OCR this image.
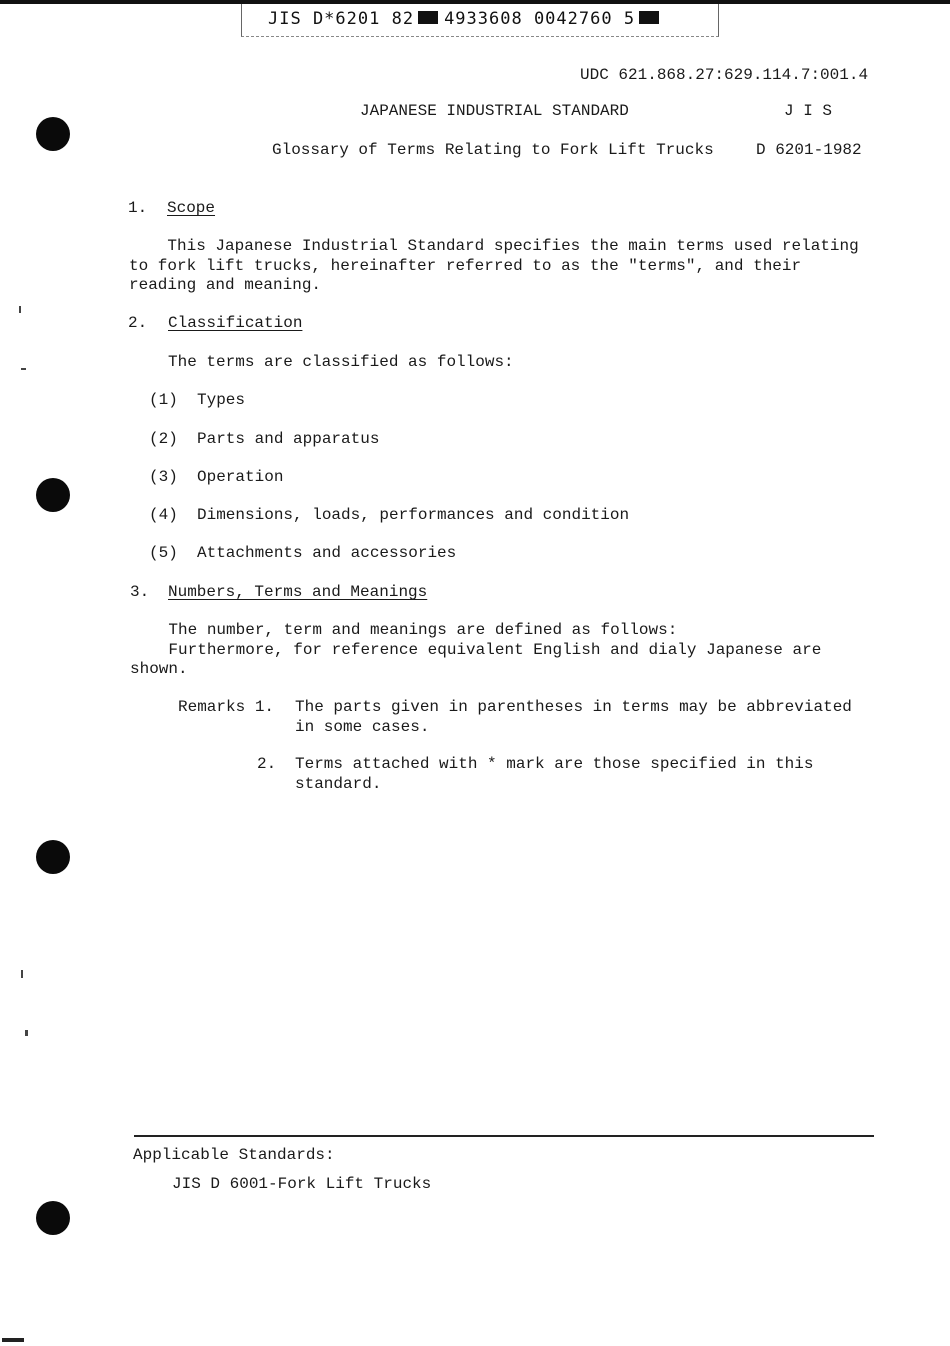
JIS D*6201 82 4933608 0042760 5
UDC 621.868.27:629.114.7:001.4
JAPANESE INDUSTRIAL STANDARD	J I S
Glossary of Terms Relating to Fork Lift Trucks	D 6201-1982
1. Scope
This Japanese Industrial Standard specifies the main terms used relating
to fork lift trucks, hereinafter referred to as the "terms", and their
reading and meaning.
2. Classification
The terms are classified as follows:
(1) Types
(2) Parts and apparatus
(3) Operation
(4) Dimensions, loads, performances and condition
(5) Attachments and accessories
3. Numbers, Terms and Meanings
The number, term and meanings are defined as follows:
Furthermore, for reference equivalent English and dialy Japanese are
shown.
Remarks 1. The parts given in parentheses in terms may be abbreviated
in some cases.
2. Terms attached with * mark are those specified in this
standard.
Applicable Standards:
JIS D 6001-Fork Lift Trucks
